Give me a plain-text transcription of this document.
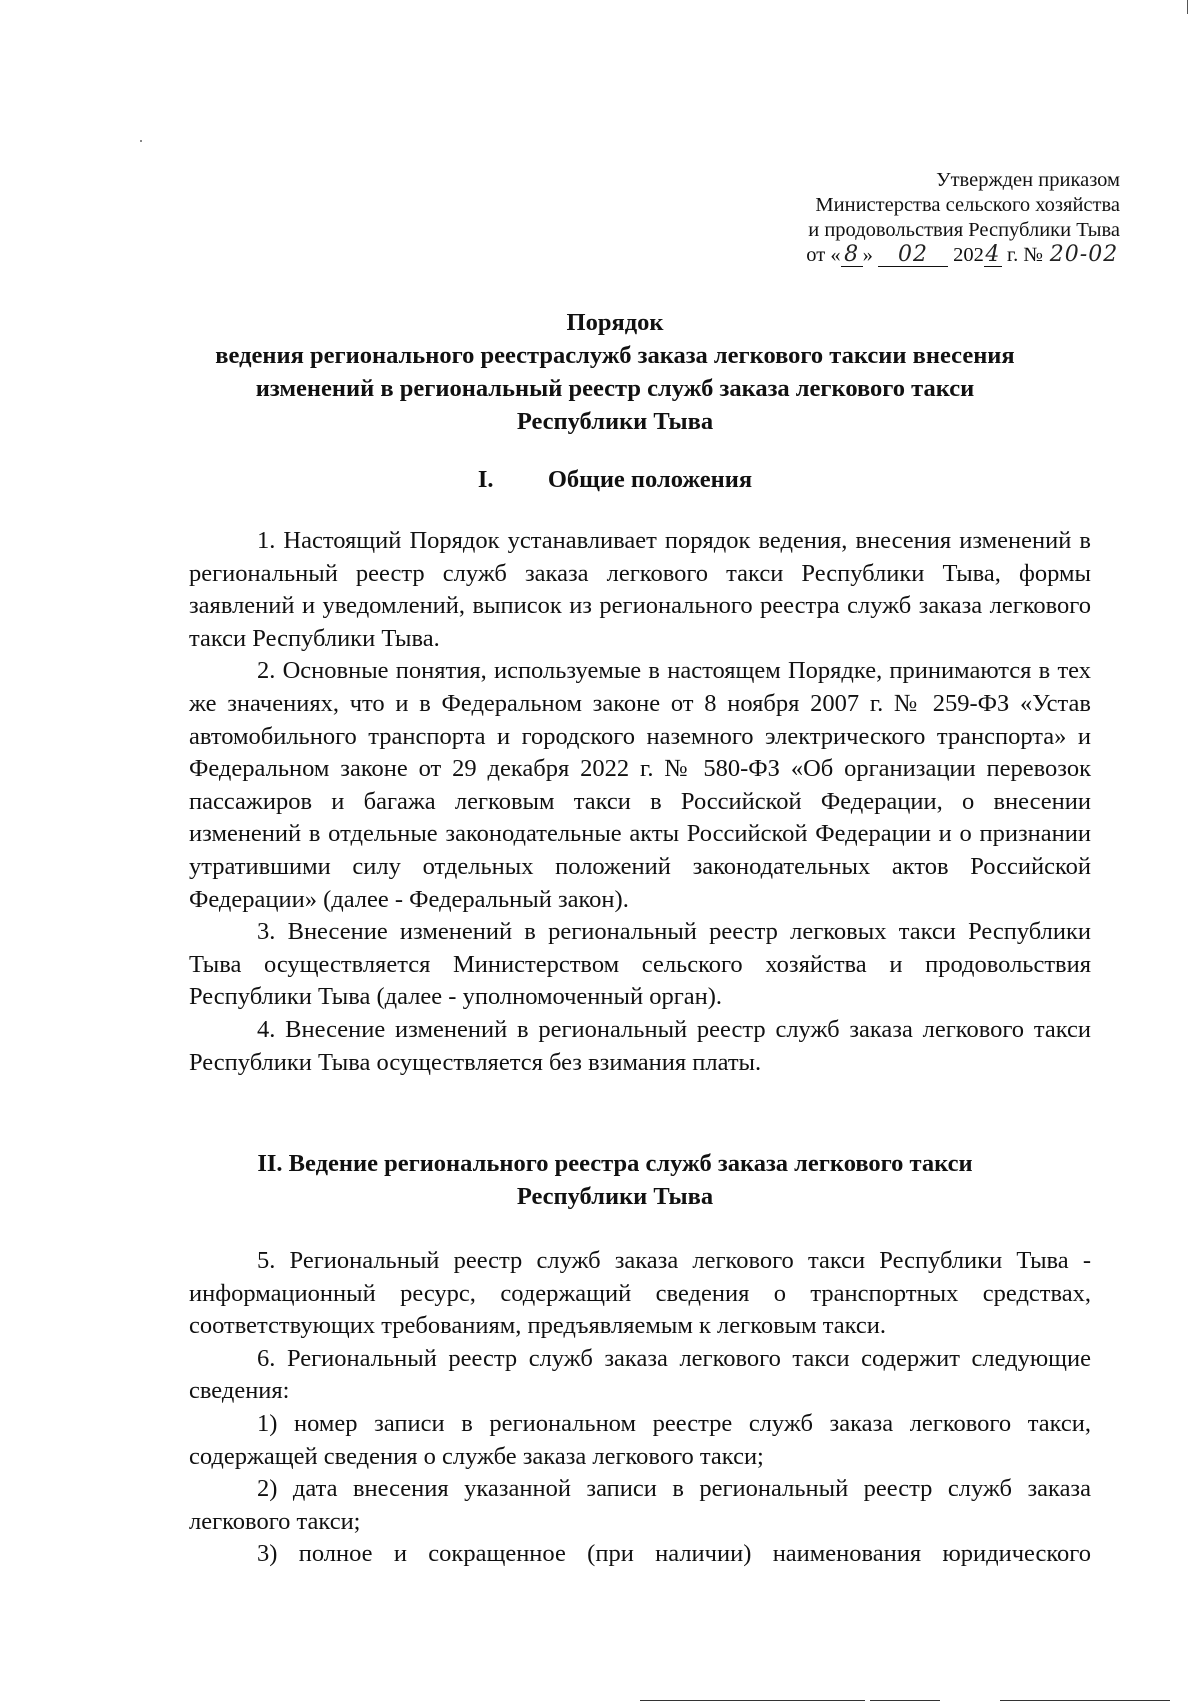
Утвержден приказом
Министерства сельского хозяйства
и продовольствия Республики Тыва
от « 8 » 02 2024 г. № 20-02
Порядок
ведения регионального реестраслужб заказа легкового таксии внесения
изменений в региональный реестр служб заказа легкового такси
Республики Тыва
I. Общие положения

1. Настоящий Порядок устанавливает порядок ведения, внесения изменений в региональный реестр служб заказа легкового такси Республики Тыва, формы заявлений и уведомлений, выписок из регионального реестра служб заказа легкового такси Республики Тыва.

2. Основные понятия, используемые в настоящем Порядке, принимаются в тех же значениях, что и в Федеральном законе от 8 ноября 2007 г. № 259-ФЗ «Устав автомобильного транспорта и городского наземного электрического транспорта» и Федеральном законе от 29 декабря 2022 г. № 580-ФЗ «Об организации перевозок пассажиров и багажа легковым такси в Российской Федерации, о внесении изменений в отдельные законодательные акты Российской Федерации и о признании утратившими силу отдельных положений законодательных актов Российской Федерации» (далее - Федеральный закон).

3. Внесение изменений в региональный реестр легковых такси Республики Тыва осуществляется Министерством сельского хозяйства и продовольствия Республики Тыва (далее - уполномоченный орган).

4. Внесение изменений в региональный реестр служб заказа легкового такси Республики Тыва осуществляется без взимания платы.

II. Ведение регионального реестра служб заказа легкового такси
Республики Тыва

5. Региональный реестр служб заказа легкового такси Республики Тыва - информационный ресурс, содержащий сведения о транспортных средствах, соответствующих требованиям, предъявляемым к легковым такси.

6. Региональный реестр служб заказа легкового такси содержит следующие сведения:

1) номер записи в региональном реестре служб заказа легкового такси, содержащей сведения о службе заказа легкового такси;

2) дата внесения указанной записи в региональный реестр служб заказа легкового такси;

3) полное и сокращенное (при наличии) наименования юридического
